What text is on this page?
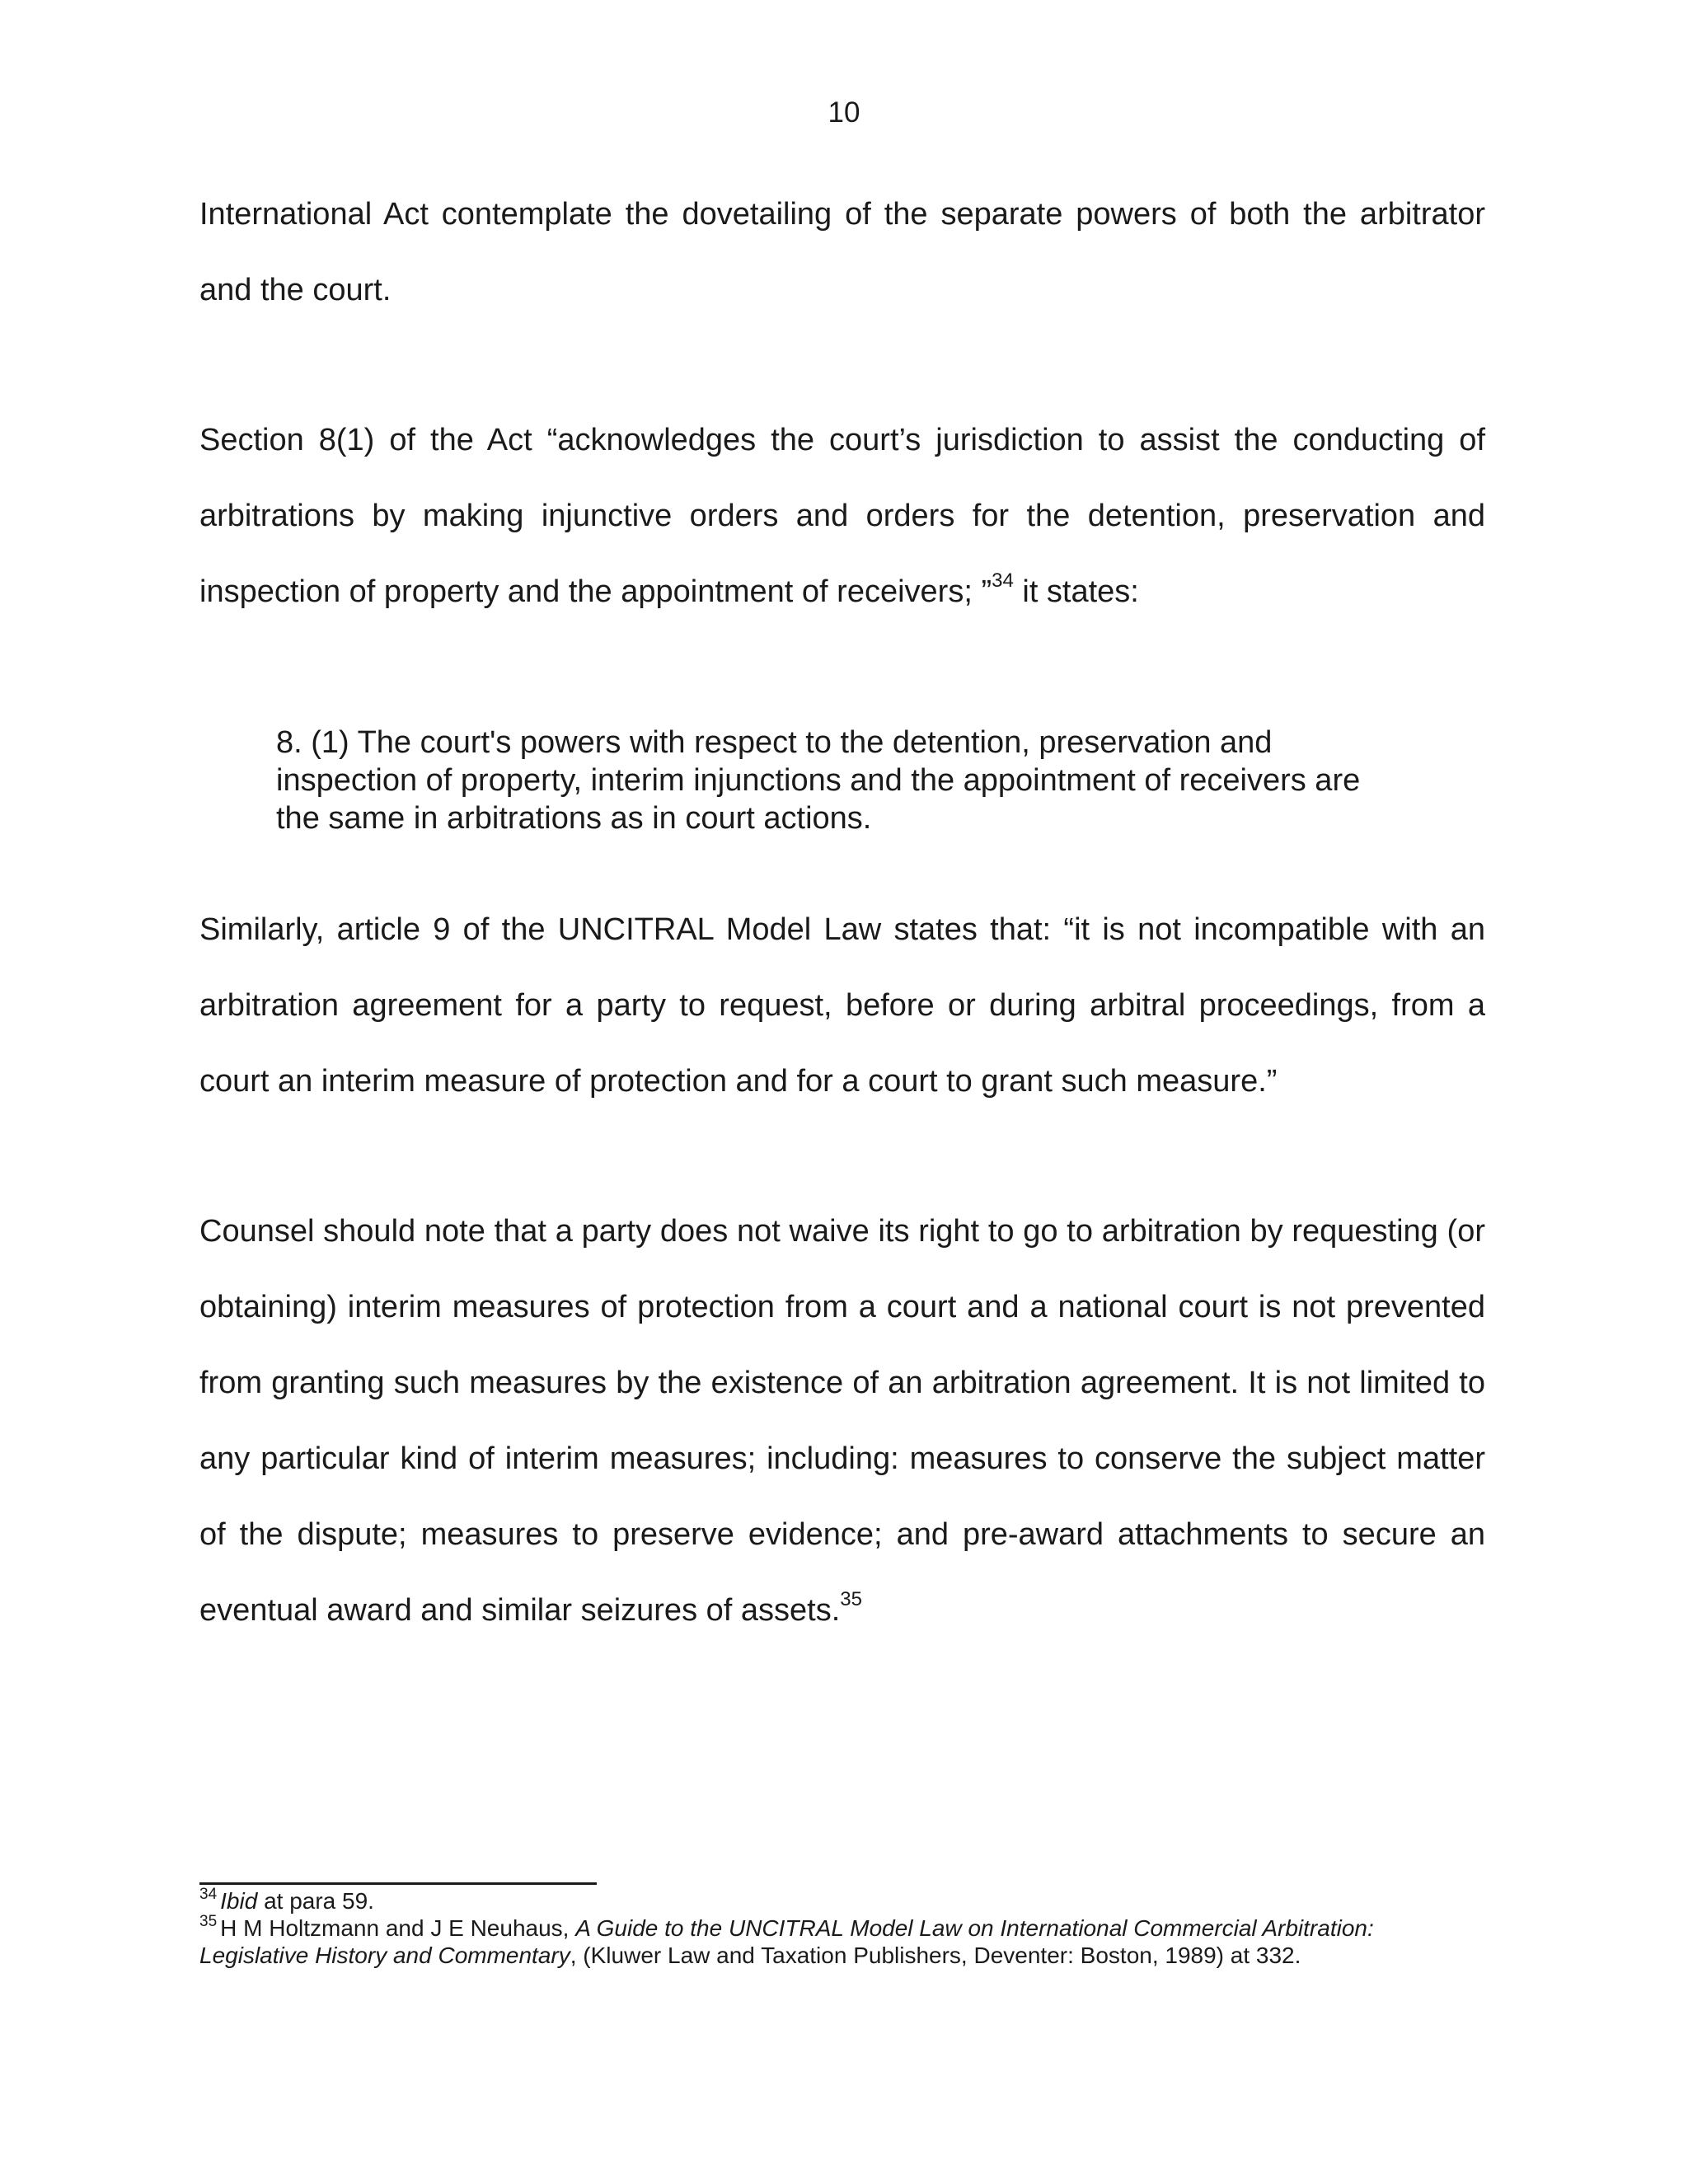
10
International Act contemplate the dovetailing of the separate powers of both the arbitrator and the court.
Section 8(1) of the Act “acknowledges the court’s jurisdiction to assist the conducting of arbitrations by making injunctive orders and orders for the detention, preservation and inspection of property and the appointment of receivers; ”$^{34}$ it states:
8. (1) The court's powers with respect to the detention, preservation and inspection of property, interim injunctions and the appointment of receivers are the same in arbitrations as in court actions.
Similarly, article 9 of the UNCITRAL Model Law states that: “it is not incompatible with an arbitration agreement for a party to request, before or during arbitral proceedings, from a court an interim measure of protection and for a court to grant such measure.”
Counsel should note that a party does not waive its right to go to arbitration by requesting (or obtaining) interim measures of protection from a court and a national court is not prevented from granting such measures by the existence of an arbitration agreement. It is not limited to any particular kind of interim measures; including: measures to conserve the subject matter of the dispute; measures to preserve evidence; and pre-award attachments to secure an eventual award and similar seizures of assets.$^{35}$
$^{34}$ Ibid at para 59.
$^{35}$ H M Holtzmann and J E Neuhaus, A Guide to the UNCITRAL Model Law on International Commercial Arbitration: Legislative History and Commentary, (Kluwer Law and Taxation Publishers, Deventer: Boston, 1989) at 332.
